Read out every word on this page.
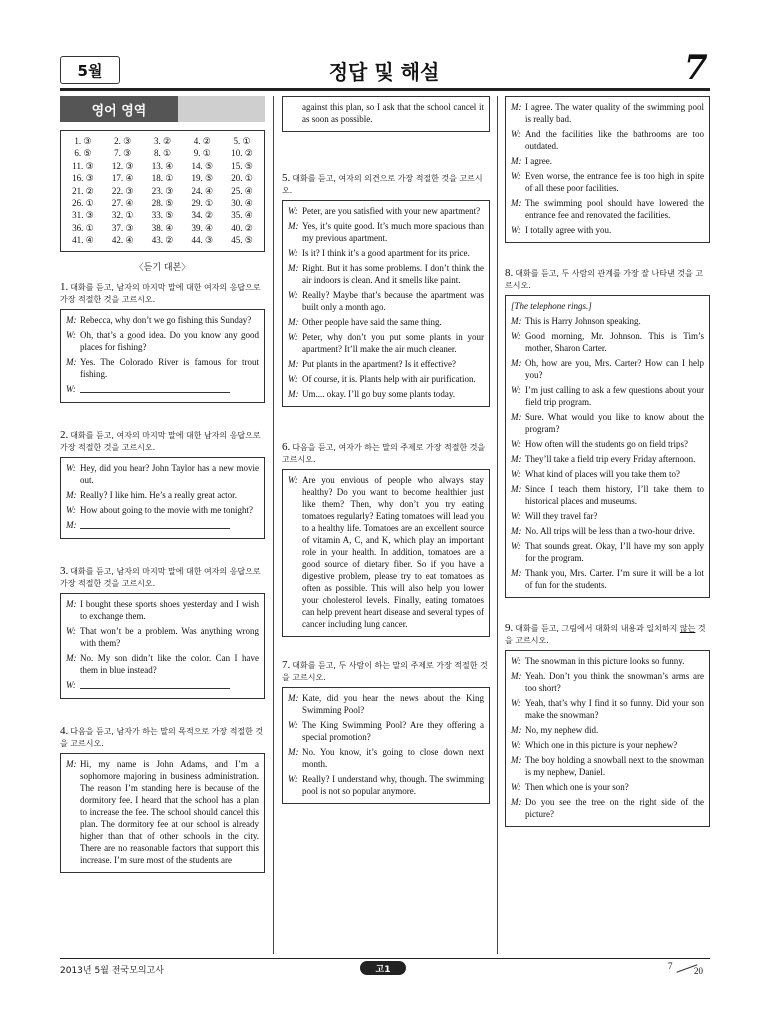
5월	정답 및 해설	7
영어 영역
1. ③	2. ③	3. ②	4. ②	5. ①
6. ⑤	7. ③	8. ①	9. ①	10. ②
11. ③	12. ③	13. ④	14. ⑤	15. ⑤
16. ③	17. ④	18. ①	19. ⑤	20. ①
21. ②	22. ③	23. ③	24. ④	25. ④
26. ①	27. ④	28. ⑤	29. ①	30. ④
31. ③	32. ①	33. ⑤	34. ②	35. ④
36. ①	37. ③	38. ④	39. ④	40. ②
41. ④	42. ④	43. ②	44. ③	45. ⑤
〈듣기 대본〉
1. 대화를 듣고, 남자의 마지막 말에 대한 여자의 응답으로 가장 적절한 것을 고르시오.
M: Rebecca, why don’t we go fishing this Sunday?
W: Oh, that’s a good idea. Do you know any good places for fishing?
M: Yes. The Colorado River is famous for trout fishing.
W:
2. 대화를 듣고, 여자의 마지막 말에 대한 남자의 응답으로 가장 적절한 것을 고르시오.
W: Hey, did you hear? John Taylor has a new movie out.
M: Really? I like him. He’s a really great actor.
W: How about going to the movie with me tonight?
M:
3. 대화를 듣고, 남자의 마지막 말에 대한 여자의 응답으로 가장 적절한 것을 고르시오.
M: I bought these sports shoes yesterday and I wish to exchange them.
W: That won’t be a problem. Was anything wrong with them?
M: No. My son didn’t like the color. Can I have them in blue instead?
W:
4. 다음을 듣고, 남자가 하는 말의 목적으로 가장 적절한 것을 고르시오.
M: Hi, my name is John Adams, and I’m a sophomore majoring in business administration. The reason I’m standing here is because of the dormitory fee. I heard that the school has a plan to increase the fee. The school should cancel this plan. The dormitory fee at our school is already higher than that of other schools in the city. There are no reasonable factors that support this increase. I’m sure most of the students are
against this plan, so I ask that the school cancel it as soon as possible.
5. 대화를 듣고, 여자의 의견으로 가장 적절한 것을 고르시오.
W: Peter, are you satisfied with your new apartment?
M: Yes, it’s quite good. It’s much more spacious than my previous apartment.
W: Is it? I think it’s a good apartment for its price.
M: Right. But it has some problems. I don’t think the air indoors is clean. And it smells like paint.
W: Really? Maybe that’s because the apartment was built only a month ago.
M: Other people have said the same thing.
W: Peter, why don’t you put some plants in your apartment? It’ll make the air much cleaner.
M: Put plants in the apartment? Is it effective?
W: Of course, it is. Plants help with air purification.
M: Um.... okay. I’ll go buy some plants today.
6. 다음을 듣고, 여자가 하는 말의 주제로 가장 적절한 것을 고르시오.
W: Are you envious of people who always stay healthy? Do you want to become healthier just like them? Then, why don’t you try eating tomatoes regularly? Eating tomatoes will lead you to a healthy life. Tomatoes are an excellent source of vitamin A, C, and K, which play an important role in your health. In addition, tomatoes are a good source of dietary fiber. So if you have a digestive problem, please try to eat tomatoes as often as possible. This will also help you lower your cholesterol levels. Finally, eating tomatoes can help prevent heart disease and several types of cancer including lung cancer.
7. 대화를 듣고, 두 사람이 하는 말의 주제로 가장 적절한 것을 고르시오.
M: Kate, did you hear the news about the King Swimming Pool?
W: The King Swimming Pool? Are they offering a special promotion?
M: No. You know, it’s going to close down next month.
W: Really? I understand why, though. The swimming pool is not so popular anymore.
M: I agree. The water quality of the swimming pool is really bad.
W: And the facilities like the bathrooms are too outdated.
M: I agree.
W: Even worse, the entrance fee is too high in spite of all these poor facilities.
M: The swimming pool should have lowered the entrance fee and renovated the facilities.
W: I totally agree with you.
8. 대화를 듣고, 두 사람의 관계를 가장 잘 나타낸 것을 고르시오.
[The telephone rings.]
M: This is Harry Johnson speaking.
W: Good morning, Mr. Johnson. This is Tim’s mother, Sharon Carter.
M: Oh, how are you, Mrs. Carter? How can I help you?
W: I’m just calling to ask a few questions about your field trip program.
M: Sure. What would you like to know about the program?
W: How often will the students go on field trips?
M: They’ll take a field trip every Friday afternoon.
W: What kind of places will you take them to?
M: Since I teach them history, I’ll take them to historical places and museums.
W: Will they travel far?
M: No. All trips will be less than a two-hour drive.
W: That sounds great. Okay, I’ll have my son apply for the program.
M: Thank you, Mrs. Carter. I’m sure it will be a lot of fun for the students.
9. 대화를 듣고, 그림에서 대화의 내용과 일치하지 않는 것을 고르시오.
W: The snowman in this picture looks so funny.
M: Yeah. Don’t you think the snowman’s arms are too short?
W: Yeah, that’s why I find it so funny. Did your son make the snowman?
M: No, my nephew did.
W: Which one in this picture is your nephew?
M: The boy holding a snowball next to the snowman is my nephew, Daniel.
W: Then which one is your son?
M: Do you see the tree on the right side of the picture?
2013년 5월 전국모의고사	고1	7 20
